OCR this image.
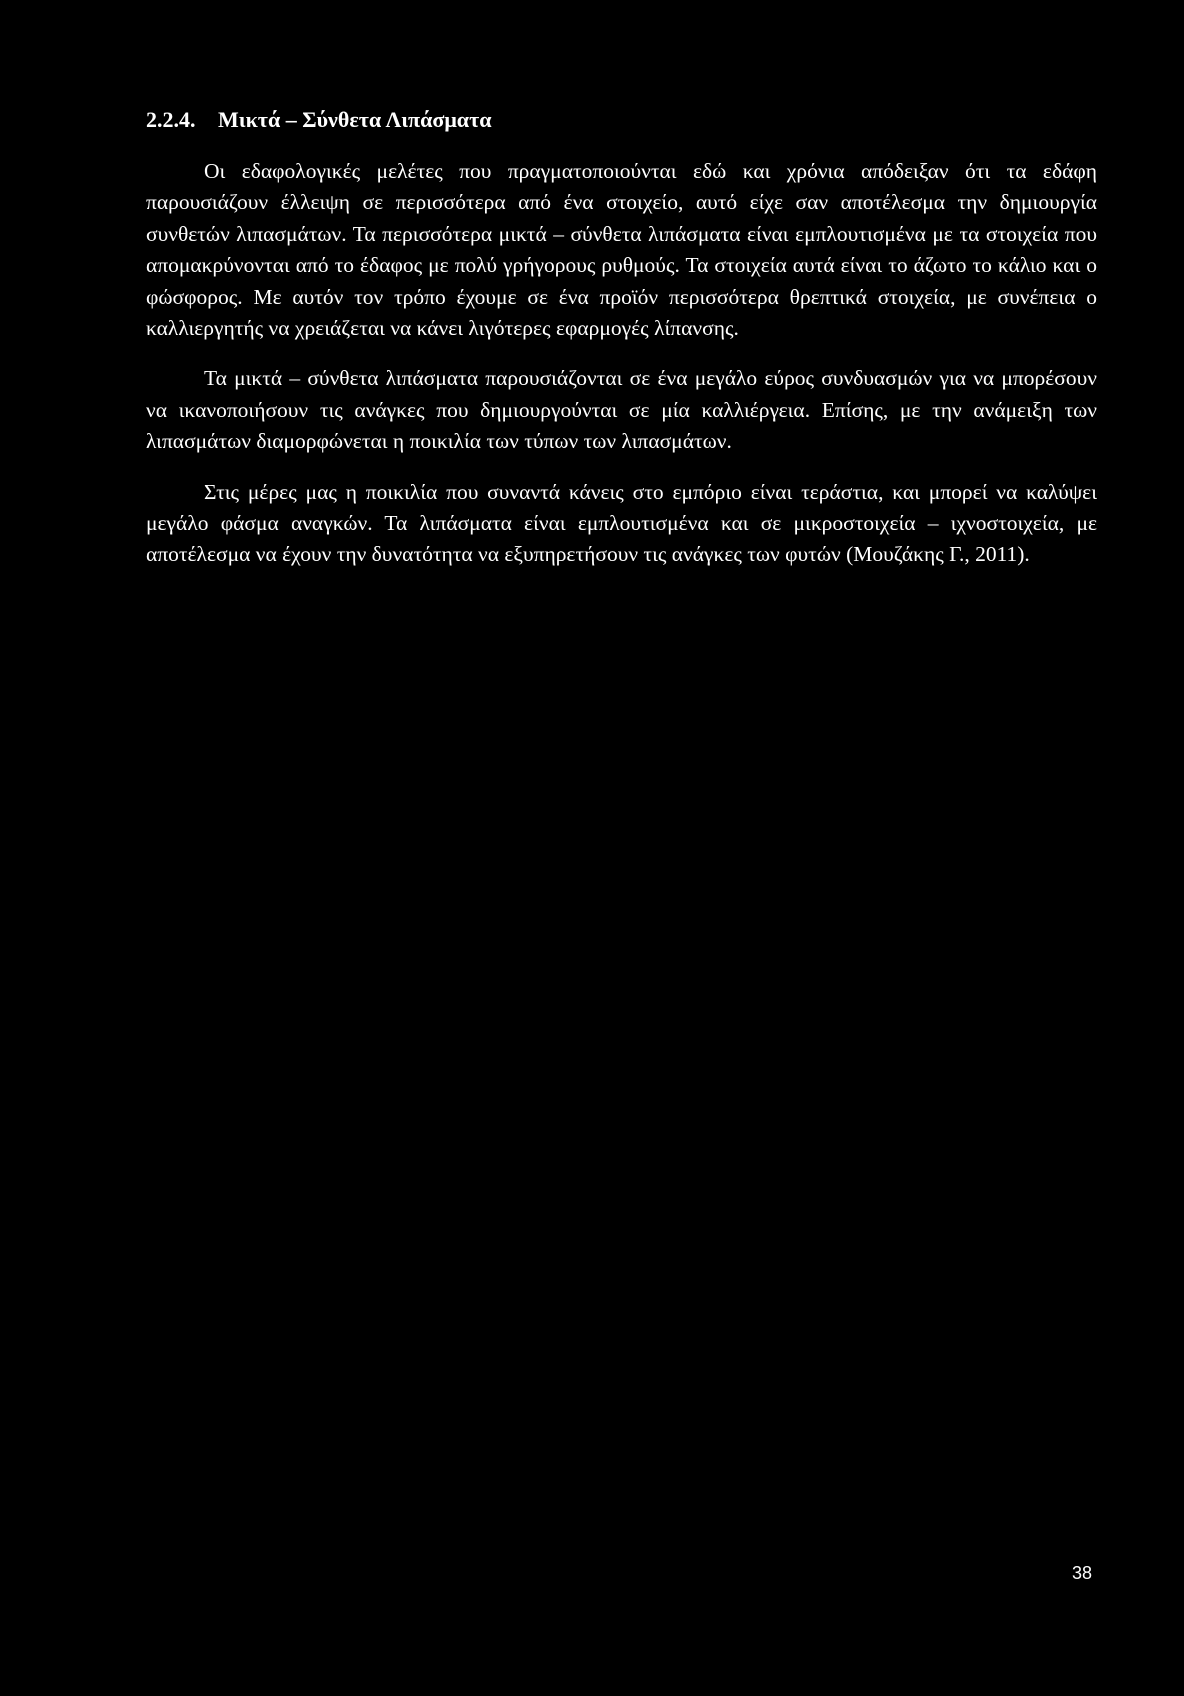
2.2.4. Μικτά – Σύνθετα Λιπάσματα

Οι εδαφολογικές μελέτες που πραγματοποιούνται εδώ και χρόνια απόδειξαν ότι τα εδάφη παρουσιάζουν έλλειψη σε περισσότερα από ένα στοιχείο, αυτό είχε σαν αποτέλεσμα την δημιουργία συνθετών λιπασμάτων. Τα περισσότερα μικτά – σύνθετα λιπάσματα είναι εμπλουτισμένα με τα στοιχεία που απομακρύνονται από το έδαφος με πολύ γρήγορους ρυθμούς. Τα στοιχεία αυτά είναι το άζωτο το κάλιο και ο φώσφορος. Με αυτόν τον τρόπο έχουμε σε ένα προϊόν περισσότερα θρεπτικά στοιχεία, με συνέπεια ο καλλιεργητής να χρειάζεται να κάνει λιγότερες εφαρμογές λίπανσης.

Τα μικτά – σύνθετα λιπάσματα παρουσιάζονται σε ένα μεγάλο εύρος συνδυασμών για να μπορέσουν να ικανοποιήσουν τις ανάγκες που δημιουργούνται σε μία καλλιέργεια. Επίσης, με την ανάμειξη των λιπασμάτων διαμορφώνεται η ποικιλία των τύπων των λιπασμάτων.

Στις μέρες μας η ποικιλία που συναντά κάνεις στο εμπόριο είναι τεράστια, και μπορεί να καλύψει μεγάλο φάσμα αναγκών. Τα λιπάσματα είναι εμπλουτισμένα και σε μικροστοιχεία – ιχνοστοιχεία, με αποτέλεσμα να έχουν την δυνατότητα να εξυπηρετήσουν τις ανάγκες των φυτών (Μουζάκης Γ., 2011).

38
